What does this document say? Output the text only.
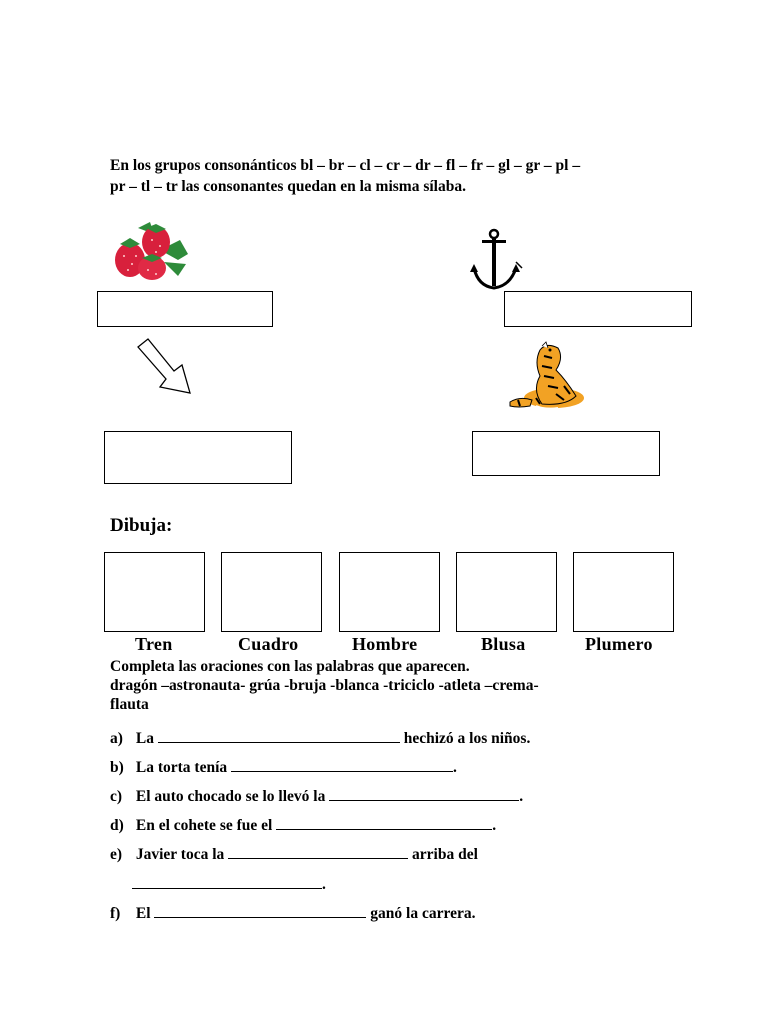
En los grupos consonánticos bl – br – cl – cr – dr – fl – fr – gl – gr – pl –
pr – tl – tr las consonantes quedan en la misma sílaba.
Dibuja:
Tren	Cuadro	Hombre	Blusa	Plumero
Completa las oraciones con las palabras que aparecen.
dragón –astronauta- grúa -bruja -blanca -triciclo -atleta –crema-
flauta
a) La	hechizó a los niños.
b) La torta tenía	.
c) El auto chocado se lo llevó la	.
d) En el cohete se fue el	.
e) Javier toca la	arriba del
.
f) El	ganó la carrera.
